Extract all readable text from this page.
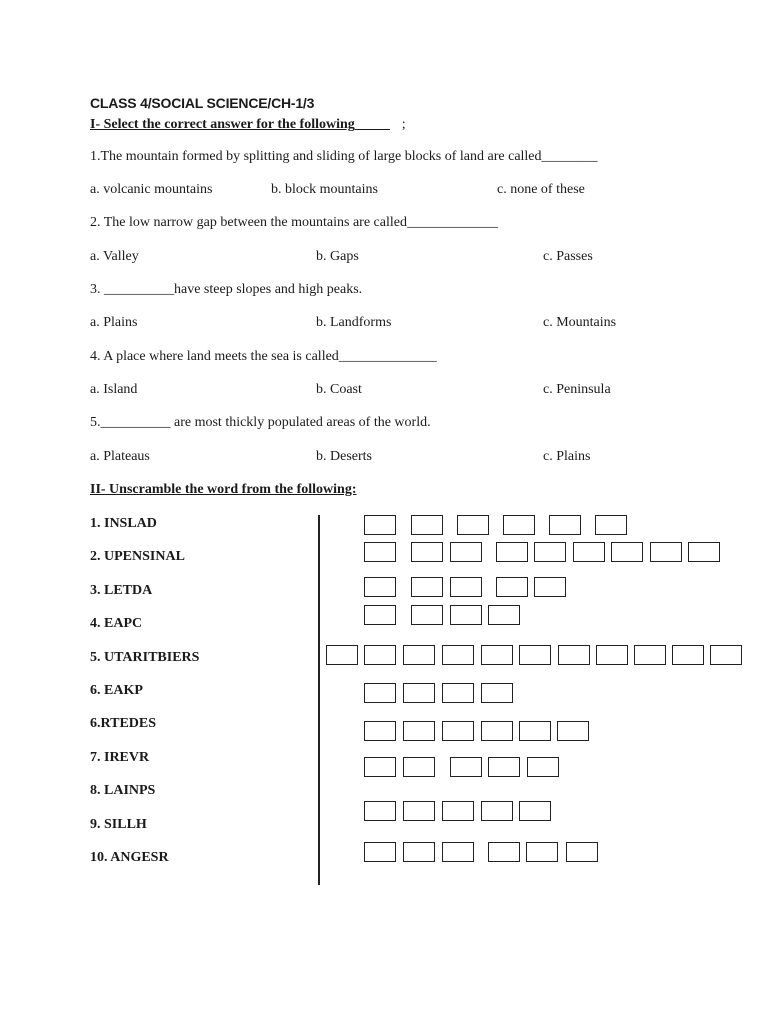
CLASS 4/SOCIAL SCIENCE/CH-1/3
I- Select the correct answer for the following_____ ;
1.The mountain formed by splitting and sliding of large blocks of land are called________
a. volcanic mountains	b. block mountains	c. none of these
2. The low narrow gap between the mountains are called_____________
a. Valley	b. Gaps	c. Passes
3. __________have steep slopes and high peaks.
a. Plains	b. Landforms	c. Mountains
4. A place where land meets the sea is called______________
a. Island	b. Coast	c. Peninsula
5.__________ are most thickly populated areas of the world.
a. Plateaus	b. Deserts	c. Plains
II- Unscramble the word from the following:
1. INSLAD
2. UPENSINAL
3. LETDA
4. EAPC
5. UTARITBIERS
6. EAKP
6.RTEDES
7. IREVR
8. LAINPS
9. SILLH
10. ANGESR
